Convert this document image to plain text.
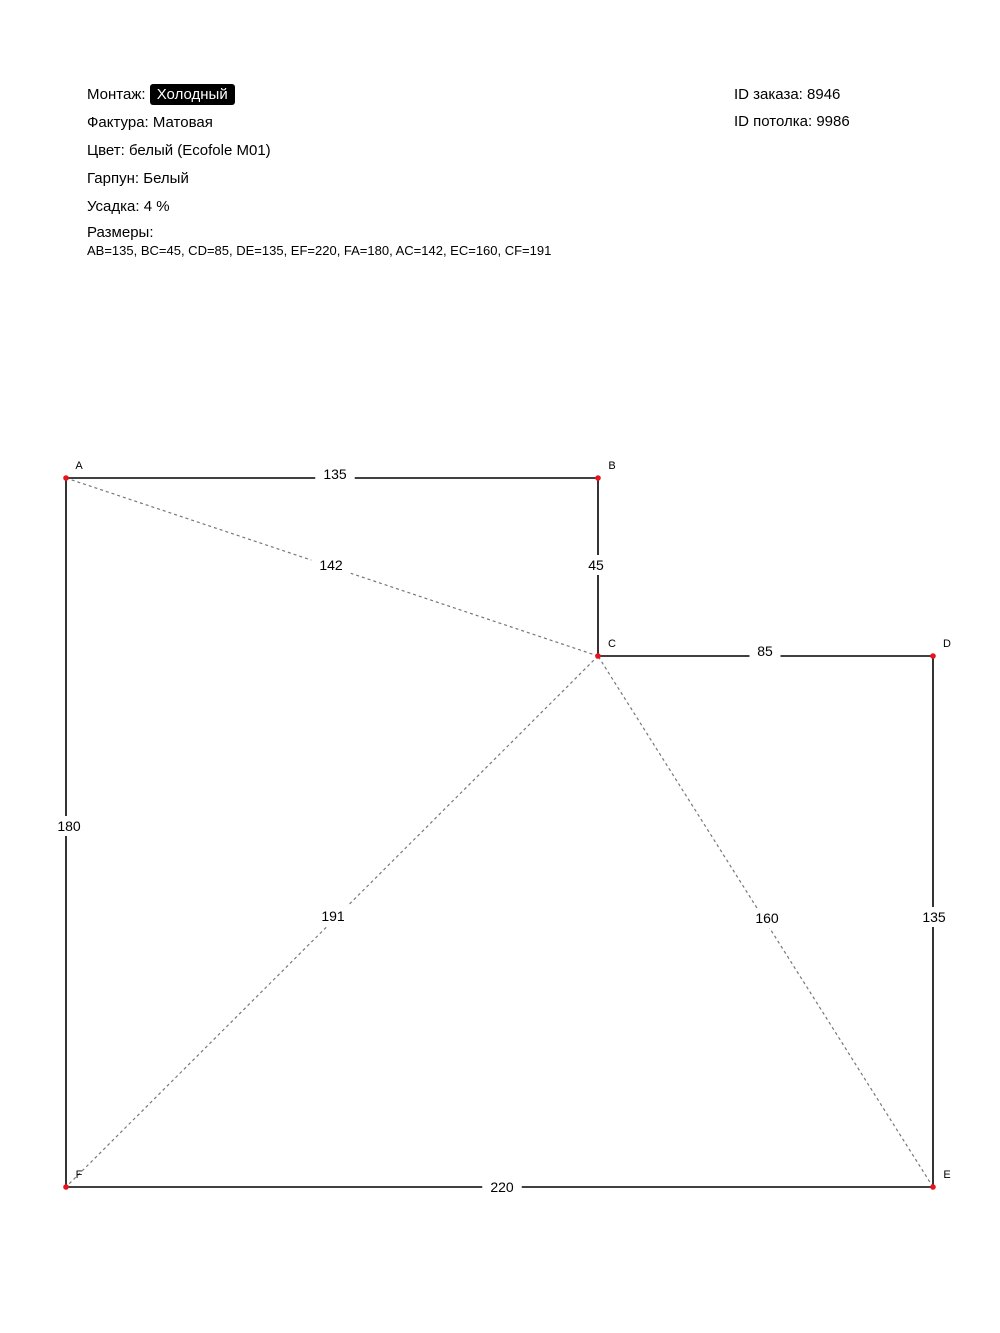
Монтаж: Холодный
Фактура: Матовая
Цвет: белый (Ecofole M01)
Гарпун: Белый
Усадка: 4 %
Размеры:
AB=135, BC=45, CD=85, DE=135, EF=220, FA=180, AC=142, EC=160, CF=191
ID заказа: 8946
ID потолка: 9986
142
160
191
135
45
85
135
220
180
A	B
C	D
E
F
